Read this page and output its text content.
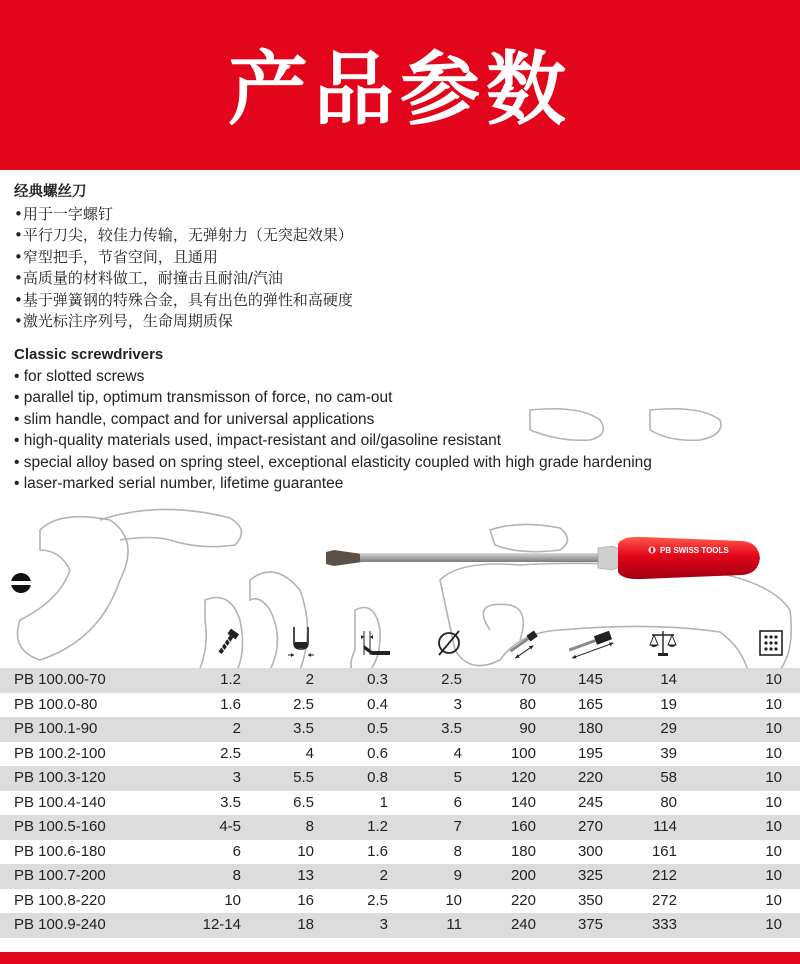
产品参数
经典螺丝刀
•用于一字螺钉
•平行刀尖，较佳力传输，无弹射力（无突起效果）
•窄型把手，节省空间，且通用
•高质量的材料做工，耐撞击且耐油/汽油
•基于弹簧钢的特殊合金，具有出色的弹性和高硬度
•激光标注序列号，生命周期质保
Classic screwdrivers
• for slotted screws
• parallel tip, optimum transmisson of force, no cam-out
• slim handle, compact and for universal applications
• high-quality materials used, impact-resistant and oil/gasoline resistant
• special alloy based on spring steel, exceptional elasticity coupled with high grade hardening
• laser-marked serial number, lifetime guarantee
PB SWISS TOOLS
PB 100.00-70	1.2	2	0.3	2.5	70	145	14	10
PB 100.0-80	1.6	2.5	0.4	3	80	165	19	10
PB 100.1-90	2	3.5	0.5	3.5	90	180	29	10
PB 100.2-100	2.5	4	0.6	4	100	195	39	10
PB 100.3-120	3	5.5	0.8	5	120	220	58	10
PB 100.4-140	3.5	6.5	1	6	140	245	80	10
PB 100.5-160	4-5	8	1.2	7	160	270	114	10
PB 100.6-180	6	10	1.6	8	180	300	161	10
PB 100.7-200	8	13	2	9	200	325	212	10
PB 100.8-220	10	16	2.5	10	220	350	272	10
PB 100.9-240	12-14	18	3	11	240	375	333	10
